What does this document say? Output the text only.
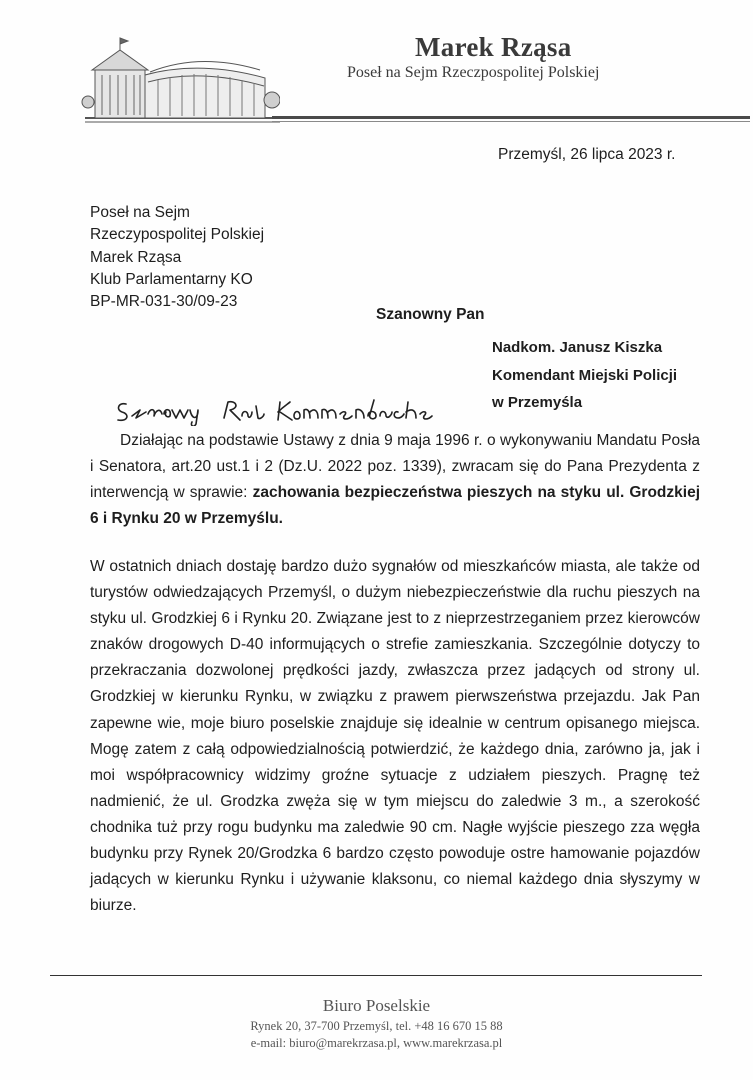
Marek Rząsa
Poseł na Sejm Rzeczpospolitej Polskiej
Przemyśl, 26 lipca 2023 r.
Poseł na Sejm
Rzeczypospolitej Polskiej
Marek Rząsa
Klub Parlamentarny KO
BP-MR-031-30/09-23
Szanowny Pan
Nadkom. Janusz Kiszka
Komendant Miejski Policji
w Przemyśla
Działając na podstawie Ustawy z dnia 9 maja 1996 r. o wykonywaniu Mandatu Posła i Senatora, art.20 ust.1 i 2 (Dz.U. 2022 poz. 1339), zwracam się do Pana Prezydenta z interwencją w sprawie: zachowania bezpieczeństwa pieszych na styku ul. Grodzkiej 6 i Rynku 20 w Przemyślu.
W ostatnich dniach dostaję bardzo dużo sygnałów od mieszkańców miasta, ale także od turystów odwiedzających Przemyśl, o dużym niebezpieczeństwie dla ruchu pieszych na styku ul. Grodzkiej 6 i Rynku 20. Związane jest to z nieprzestrzeganiem przez kierowców znaków drogowych D-40 informujących o strefie zamieszkania. Szczególnie dotyczy to przekraczania dozwolonej prędkości jazdy, zwłaszcza przez jadących od strony ul. Grodzkiej w kierunku Rynku, w związku z prawem pierwszeństwa przejazdu. Jak Pan zapewne wie, moje biuro poselskie znajduje się idealnie w centrum opisanego miejsca. Mogę zatem z całą odpowiedzialnością potwierdzić, że każdego dnia, zarówno ja, jak i moi współpracownicy widzimy groźne sytuacje z udziałem pieszych. Pragnę też nadmienić, że ul. Grodzka zwęża się w tym miejscu do zaledwie 3 m., a szerokość chodnika tuż przy rogu budynku ma zaledwie 90 cm. Nagłe wyjście pieszego zza węgła budynku przy Rynek 20/Grodzka 6 bardzo często powoduje ostre hamowanie pojazdów jadących w kierunku Rynku i używanie klaksonu, co niemal każdego dnia słyszymy w biurze.
Biuro Poselskie
Rynek 20, 37-700 Przemyśl, tel. +48 16 670 15 88
e-mail: biuro@marekrzasa.pl, www.marekrzasa.pl
